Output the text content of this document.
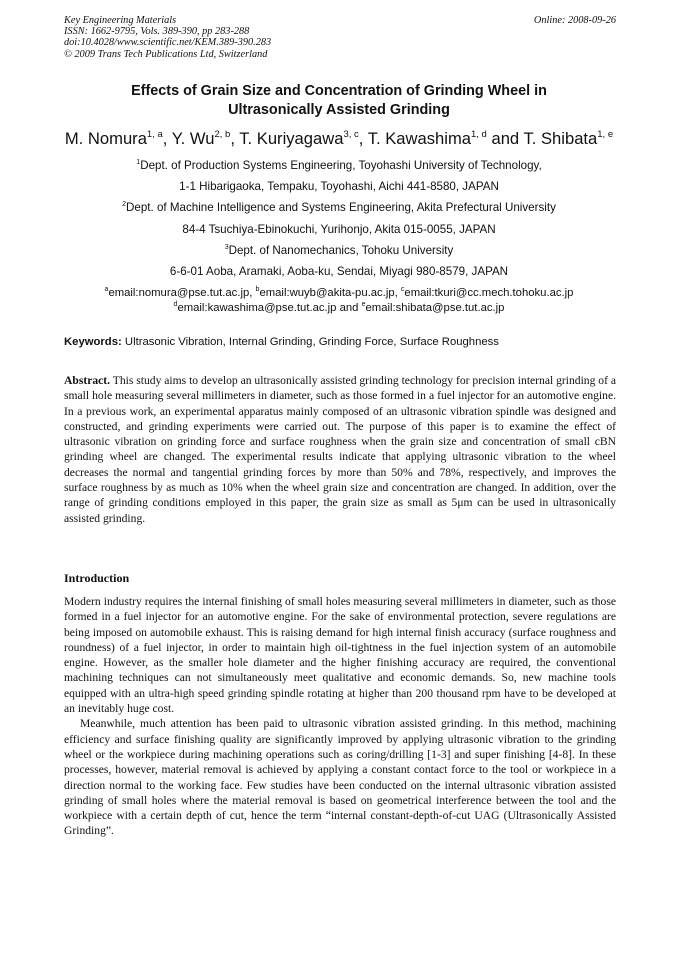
Key Engineering Materials
ISSN: 1662-9795, Vols. 389-390, pp 283-288
doi:10.4028/www.scientific.net/KEM.389-390.283
© 2009 Trans Tech Publications Ltd, Switzerland
Online: 2008-09-26
Effects of Grain Size and Concentration of Grinding Wheel in
Ultrasonically Assisted Grinding
M. Nomura$^{1, a}$, Y. Wu$^{2, b}$, T. Kuriyagawa$^{3, c}$, T. Kawashima$^{1, d}$ and T. Shibata$^{1, e}$
$^1$Dept. of Production Systems Engineering, Toyohashi University of Technology,
1-1 Hibarigaoka, Tempaku, Toyohashi, Aichi 441-8580, JAPAN
$^2$Dept. of Machine Intelligence and Systems Engineering, Akita Prefectural University
84-4 Tsuchiya-Ebinokuchi, Yurihonjo, Akita 015-0055, JAPAN
$^3$Dept. of Nanomechanics, Tohoku University
6-6-01 Aoba, Aramaki, Aoba-ku, Sendai, Miyagi 980-8579, JAPAN
$^a$email:nomura@pse.tut.ac.jp, $^b$email:wuyb@akita-pu.ac.jp, $^c$email:tkuri@cc.mech.tohoku.ac.jp
$^d$email:kawashima@pse.tut.ac.jp and $^e$email:shibata@pse.tut.ac.jp
Keywords: Ultrasonic Vibration, Internal Grinding, Grinding Force, Surface Roughness
Abstract. This study aims to develop an ultrasonically assisted grinding technology for precision internal grinding of a small hole measuring several millimeters in diameter, such as those formed in a fuel injector for an automotive engine. In a previous work, an experimental apparatus mainly composed of an ultrasonic vibration spindle was designed and constructed, and grinding experiments were carried out. The purpose of this paper is to examine the effect of ultrasonic vibration on grinding force and surface roughness when the grain size and concentration of small cBN grinding wheel are changed. The experimental results indicate that applying ultrasonic vibration to the wheel decreases the normal and tangential grinding forces by more than 50% and 78%, respectively, and improves the surface roughness by as much as 10% when the wheel grain size and concentration are changed. In addition, over the range of grinding conditions employed in this paper, the grain size as small as 5μm can be used in ultrasonically assisted grinding.
Introduction

Modern industry requires the internal finishing of small holes measuring several millimeters in diameter, such as those formed in a fuel injector for an automotive engine. For the sake of environmental protection, severe regulations are being imposed on automobile exhaust. This is raising demand for high internal finish accuracy (surface roughness and roundness) of a fuel injector, in order to maintain high oil-tightness in the fuel injection system of an automobile engine. However, as the smaller hole diameter and the higher finishing accuracy are required, the conventional machining techniques can not simultaneously meet qualitative and economic demands. So, new machine tools equipped with an ultra-high speed grinding spindle rotating at higher than 200 thousand rpm have to be developed at an inevitably huge cost.

Meanwhile, much attention has been paid to ultrasonic vibration assisted grinding. In this method, machining efficiency and surface finishing quality are significantly improved by applying ultrasonic vibration to the grinding wheel or the workpiece during machining operations such as coring/drilling [1-3] and super finishing [4-8]. In these processes, however, material removal is achieved by applying a constant contact force to the tool or workpiece in a direction normal to the working face. Few studies have been conducted on the internal ultrasonic vibration assisted grinding of small holes where the material removal is based on geometrical interference between the tool and the workpiece with a certain depth of cut, hence the term “internal constant-depth-of-cut UAG (Ultrasonically Assisted Grinding”.
